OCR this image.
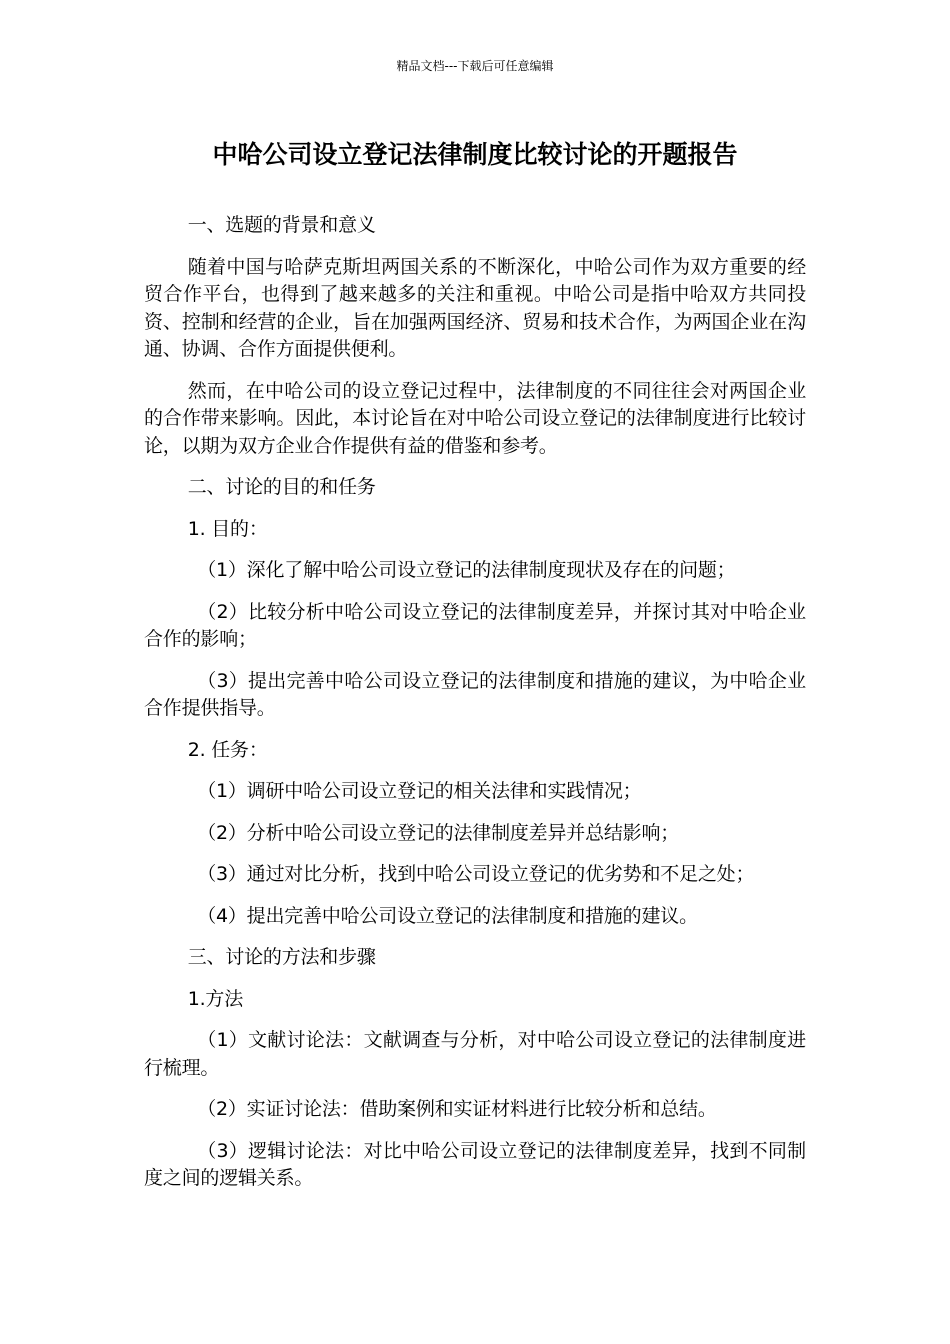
精品文档---下载后可任意编辑
中哈公司设立登记法律制度比较讨论的开题报告

一、选题的背景和意义

随着中国与哈萨克斯坦两国关系的不断深化，中哈公司作为双方重要的经贸合作平台，也得到了越来越多的关注和重视。中哈公司是指中哈双方共同投资、控制和经营的企业，旨在加强两国经济、贸易和技术合作，为两国企业在沟通、协调、合作方面提供便利。

然而，在中哈公司的设立登记过程中，法律制度的不同往往会对两国企业的合作带来影响。因此，本讨论旨在对中哈公司设立登记的法律制度进行比较讨论，以期为双方企业合作提供有益的借鉴和参考。

二、讨论的目的和任务

1. 目的：

（1）深化了解中哈公司设立登记的法律制度现状及存在的问题；

（2）比较分析中哈公司设立登记的法律制度差异，并探讨其对中哈企业合作的影响；

（3）提出完善中哈公司设立登记的法律制度和措施的建议，为中哈企业合作提供指导。

2. 任务：

（1）调研中哈公司设立登记的相关法律和实践情况；

（2）分析中哈公司设立登记的法律制度差异并总结影响；

（3）通过对比分析，找到中哈公司设立登记的优劣势和不足之处；

（4）提出完善中哈公司设立登记的法律制度和措施的建议。

三、讨论的方法和步骤

1.方法

（1）文献讨论法：文献调查与分析，对中哈公司设立登记的法律制度进行梳理。

（2）实证讨论法：借助案例和实证材料进行比较分析和总结。

（3）逻辑讨论法：对比中哈公司设立登记的法律制度差异，找到不同制度之间的逻辑关系。
